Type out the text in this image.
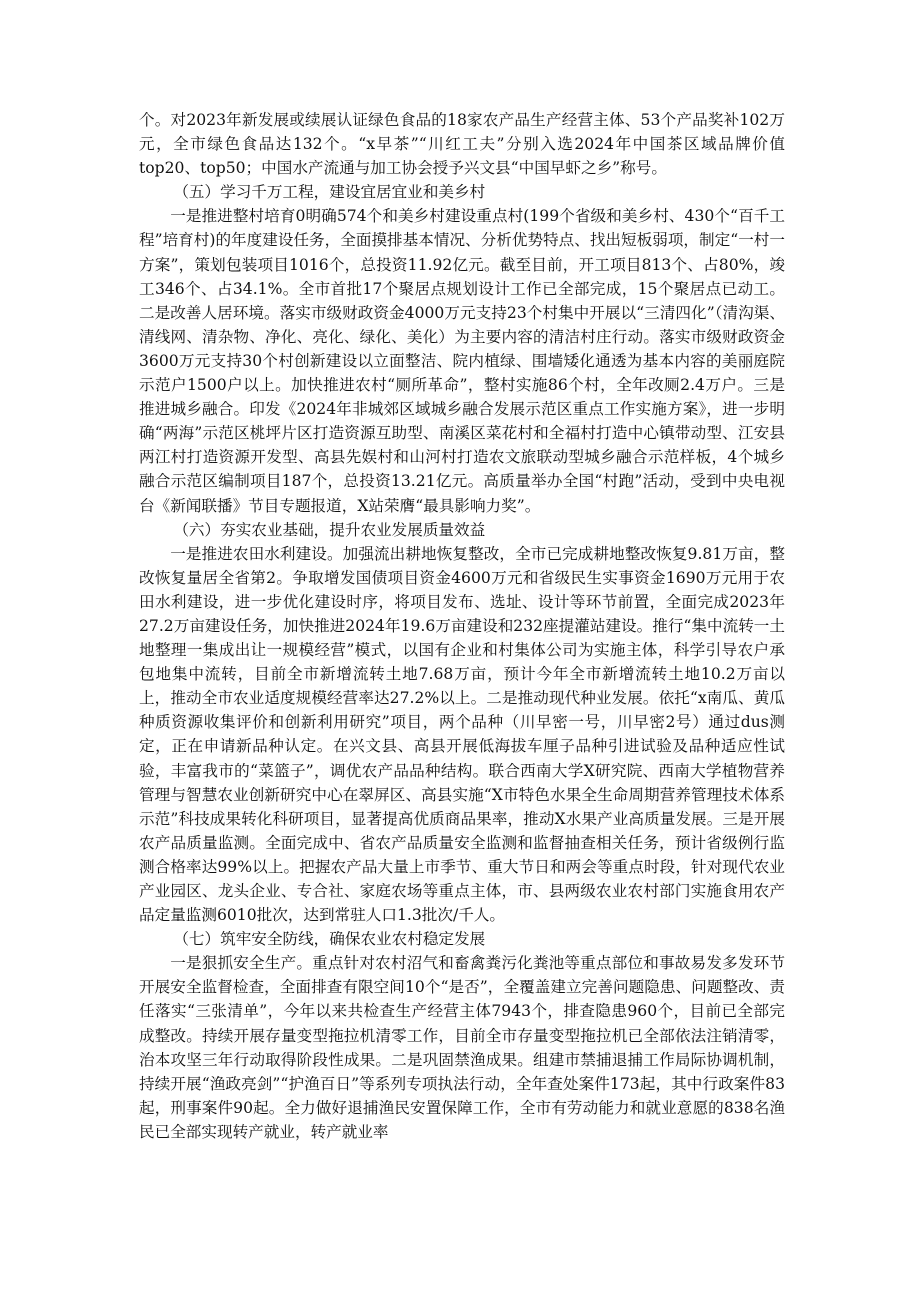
个。对2023年新发展或续展认证绿色食品的18家农产品生产经营主体、53个产品奖补102万元，全市绿色食品达132个。“x早茶”“川红工夫”分别入选2024年中国茶区域品牌价值top20、top50；中国水产流通与加工协会授予兴文县“中国早虾之乡”称号。

（五）学习千万工程，建设宜居宜业和美乡村

一是推进整村培育0明确574个和美乡村建设重点村(199个省级和美乡村、430个“百千工程”培育村)的年度建设任务，全面摸排基本情况、分析优势特点、找出短板弱项，制定“一村一方案”，策划包装项目1016个，总投资11.92亿元。截至目前，开工项目813个、占80%，竣工346个、占34.1%。全市首批17个聚居点规划设计工作已全部完成，15个聚居点已动工。二是改善人居环境。落实市级财政资金4000万元支持23个村集中开展以“三清四化”（清沟渠、清线网、清杂物、净化、亮化、绿化、美化）为主要内容的清洁村庄行动。落实市级财政资金3600万元支持30个村创新建设以立面整洁、院内植绿、围墙矮化通透为基本内容的美丽庭院示范户1500户以上。加快推进农村“厕所革命”，整村实施86个村，全年改厕2.4万户。三是推进城乡融合。印发《2024年非城郊区域城乡融合发展示范区重点工作实施方案》，进一步明确“两海”示范区桃坪片区打造资源互助型、南溪区菜花村和全福村打造中心镇带动型、江安县两江村打造资源开发型、高县先娱村和山河村打造农文旅联动型城乡融合示范样板，4个城乡融合示范区编制项目187个，总投资13.21亿元。高质量举办全国“村跑”活动，受到中央电视台《新闻联播》节目专题报道，X站荣膺“最具影响力奖”。

（六）夯实农业基础，提升农业发展质量效益

一是推进农田水利建设。加强流出耕地恢复整改，全市已完成耕地整改恢复9.81万亩，整改恢复量居全省第2。争取增发国债项目资金4600万元和省级民生实事资金1690万元用于农田水利建设，进一步优化建设时序，将项目发布、选址、设计等环节前置，全面完成2023年27.2万亩建设任务，加快推进2024年19.6万亩建设和232座提灌站建设。推行“集中流转一土地整理一集成出让一规模经营”模式，以国有企业和村集体公司为实施主体，科学引导农户承包地集中流转，目前全市新增流转土地7.68万亩，预计今年全市新增流转土地10.2万亩以上，推动全市农业适度规模经营率达27.2%以上。二是推动现代种业发展。依托“x南瓜、黄瓜种质资源收集评价和创新利用研究”项目，两个品种（川早密一号，川早密2号）通过dus测定，正在申请新品种认定。在兴文县、高县开展低海拔车厘子品种引进试验及品种适应性试验，丰富我市的“菜篮子”，调优农产品品种结构。联合西南大学X研究院、西南大学植物营养管理与智慧农业创新研究中心在翠屏区、高县实施“X市特色水果全生命周期营养管理技术体系示范”科技成果转化科研项目，显著提高优质商品果率，推动X水果产业高质量发展。三是开展农产品质量监测。全面完成中、省农产品质量安全监测和监督抽查相关任务，预计省级例行监测合格率达99%以上。把握农产品大量上市季节、重大节日和两会等重点时段，针对现代农业产业园区、龙头企业、专合社、家庭农场等重点主体，市、县两级农业农村部门实施食用农产品定量监测6010批次，达到常驻人口1.3批次/千人。

（七）筑牢安全防线，确保农业农村稳定发展

一是狠抓安全生产。重点针对农村沼气和畜禽粪污化粪池等重点部位和事故易发多发环节开展安全监督检查，全面排查有限空间10个“是否”，全覆盖建立完善问题隐患、问题整改、责任落实“三张清单”，今年以来共检查生产经营主体7943个，排查隐患960个，目前已全部完成整改。持续开展存量变型拖拉机清零工作，目前全市存量变型拖拉机已全部依法注销清零，治本攻坚三年行动取得阶段性成果。二是巩固禁渔成果。组建市禁捕退捕工作局际协调机制，持续开展“渔政亮剑”“护渔百日”等系列专项执法行动，全年查处案件173起，其中行政案件83起，刑事案件90起。全力做好退捕渔民安置保障工作，全市有劳动能力和就业意愿的838名渔民已全部实现转产就业，转产就业率
